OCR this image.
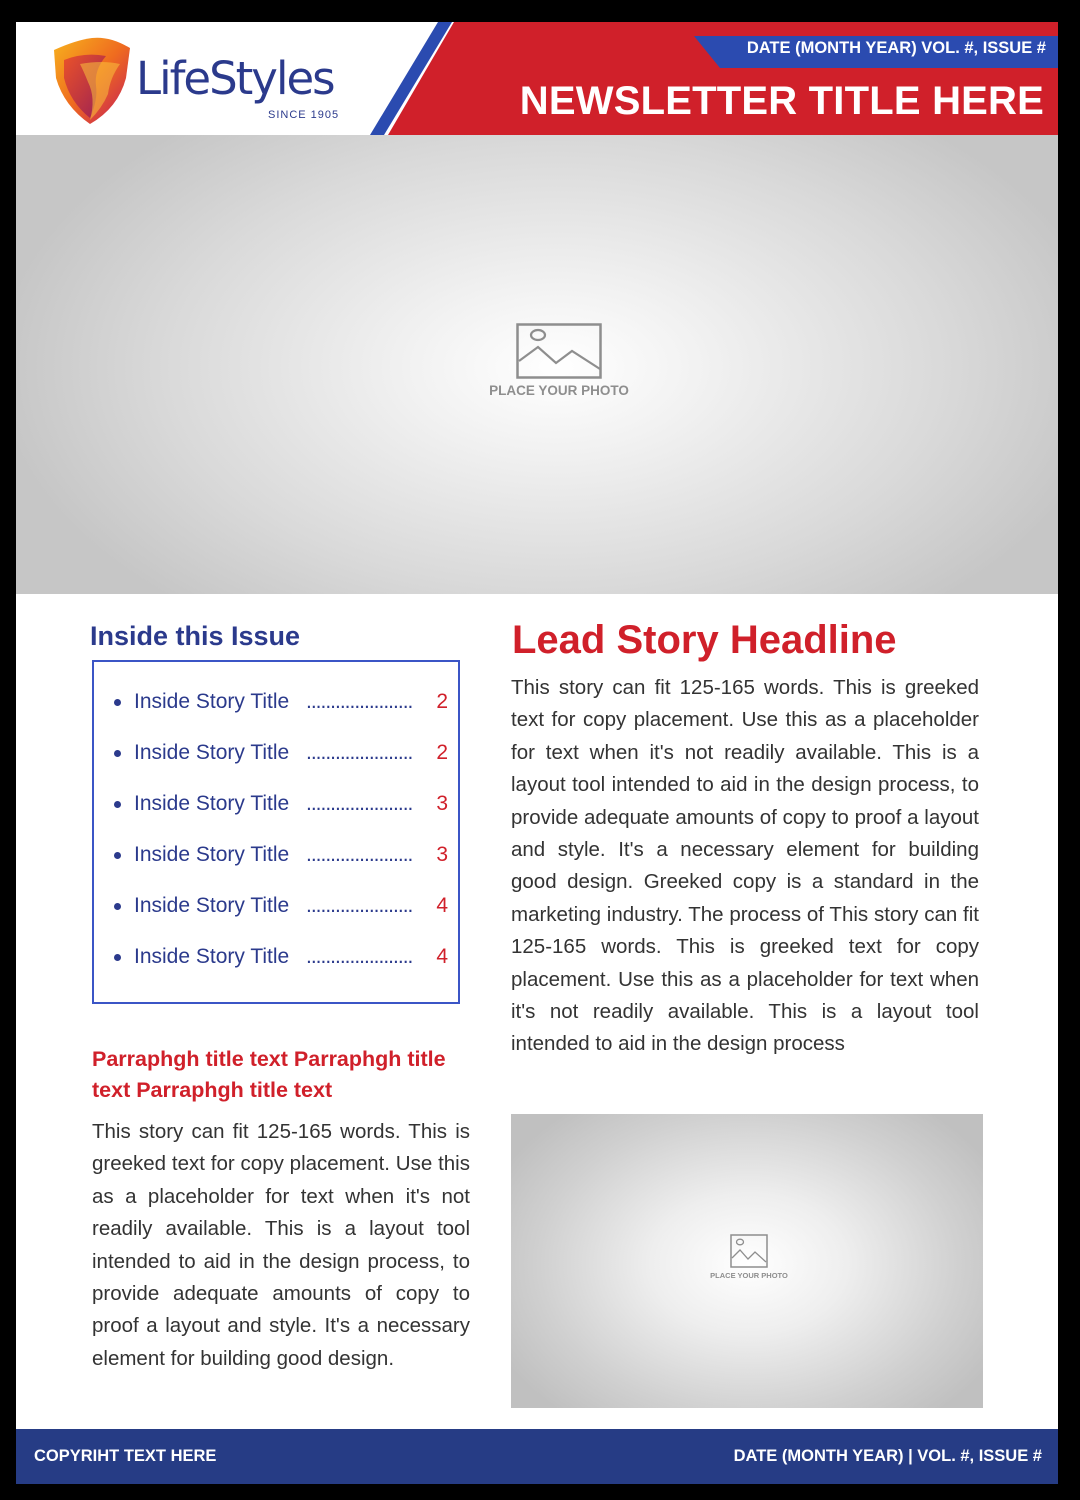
LifeStyles
SINCE 1905
DATE (MONTH YEAR) VOL. #, ISSUE #
NEWSLETTER TITLE HERE
PLACE YOUR PHOTO
Inside this Issue
Inside Story Title ......................	2
Inside Story Title ......................	2
Inside Story Title ......................	3
Inside Story Title ......................	3
Inside Story Title ......................	4
Inside Story Title ......................	4
Parraphgh title text Parraphgh title text Parraphgh title text
This story can fit 125-165 words. This is greeked text for copy placement. Use this as a placeholder for text when it's not readily available. This is a layout tool intended to aid in the design process, to provide adequate amounts of copy to proof a layout and style. It's a necessary element for building good design.
Lead Story Headline
This story can fit 125-165 words. This is greeked text for copy placement. Use this as a placeholder for text when it's not readily available. This is a layout tool intended to aid in the design process, to provide adequate amounts of copy to proof a layout and style. It's a necessary element for building good design. Greeked copy is a standard in the marketing industry. The process of This story can fit 125-165 words. This is greeked text for copy placement. Use this as a placeholder for text when it's not readily available. This is a layout tool intended to aid in the design process
PLACE YOUR PHOTO
COPYRIHT TEXT HERE	DATE (MONTH YEAR) | VOL. #, ISSUE #
